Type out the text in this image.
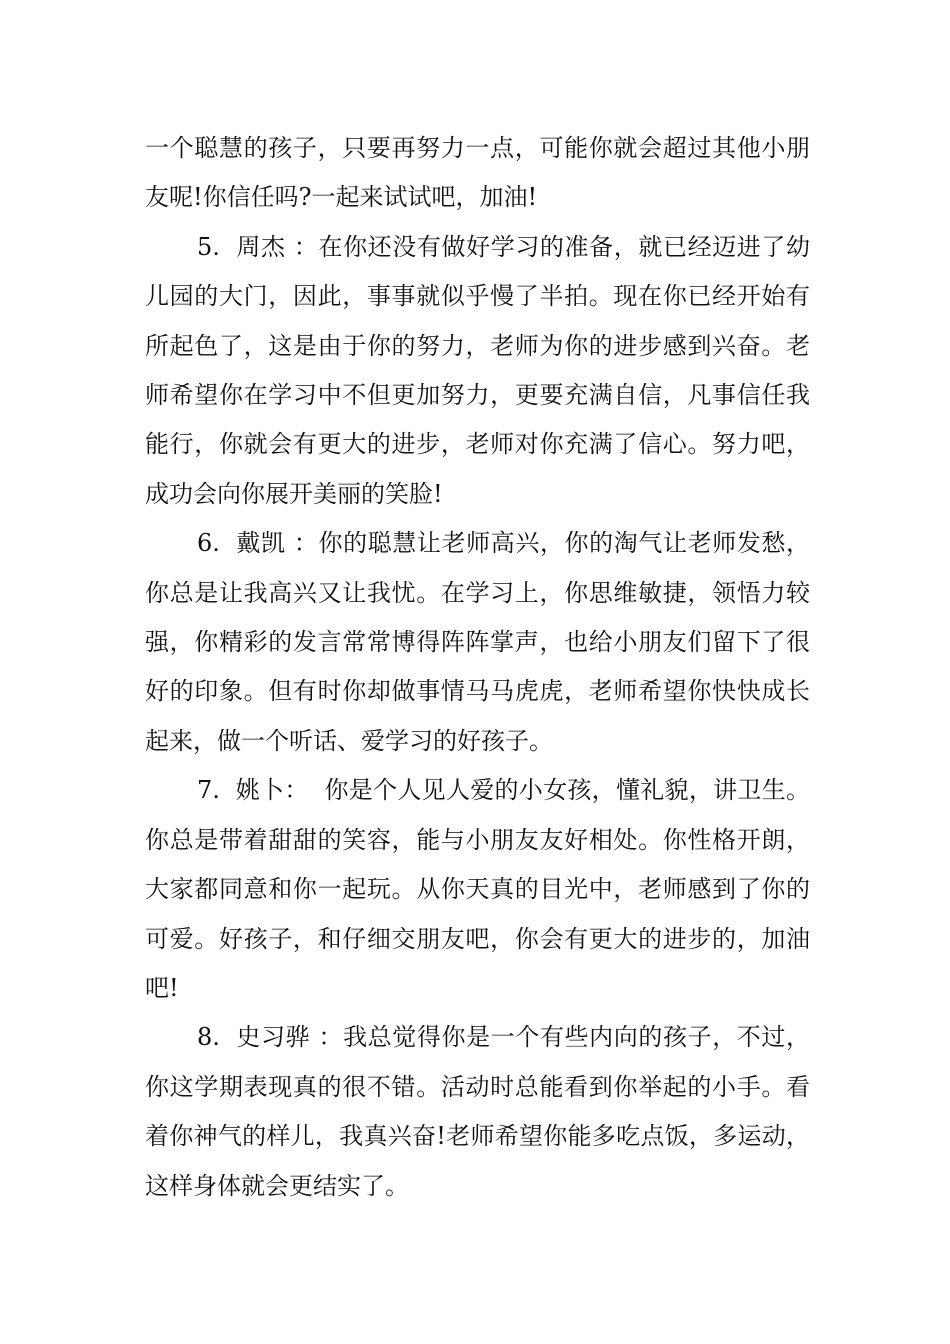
一个聪慧的孩子，只要再努力一点，可能你就会超过其他小朋友呢!你信任吗?一起来试试吧，加油!

5. 周杰 ：在你还没有做好学习的准备，就已经迈进了幼儿园的大门，因此，事事就似乎慢了半拍。现在你已经开始有所起色了，这是由于你的努力，老师为你的进步感到兴奋。老师希望你在学习中不但更加努力，更要充满自信，凡事信任我能行，你就会有更大的进步，老师对你充满了信心。努力吧，成功会向你展开美丽的笑脸!

6. 戴凯 ：你的聪慧让老师高兴，你的淘气让老师发愁，你总是让我高兴又让我忧。在学习上，你思维敏捷，领悟力较强，你精彩的发言常常博得阵阵掌声，也给小朋友们留下了很好的印象。但有时你却做事情马马虎虎，老师希望你快快成长起来，做一个听话、爱学习的好孩子。

7. 姚卜： 你是个人见人爱的小女孩，懂礼貌，讲卫生。你总是带着甜甜的笑容，能与小朋友友好相处。你性格开朗，大家都同意和你一起玩。从你天真的目光中，老师感到了你的可爱。好孩子，和仔细交朋友吧，你会有更大的进步的，加油吧!

8. 史习骅 ：我总觉得你是一个有些内向的孩子，不过，你这学期表现真的很不错。活动时总能看到你举起的小手。看着你神气的样儿，我真兴奋!老师希望你能多吃点饭，多运动，这样身体就会更结实了。
